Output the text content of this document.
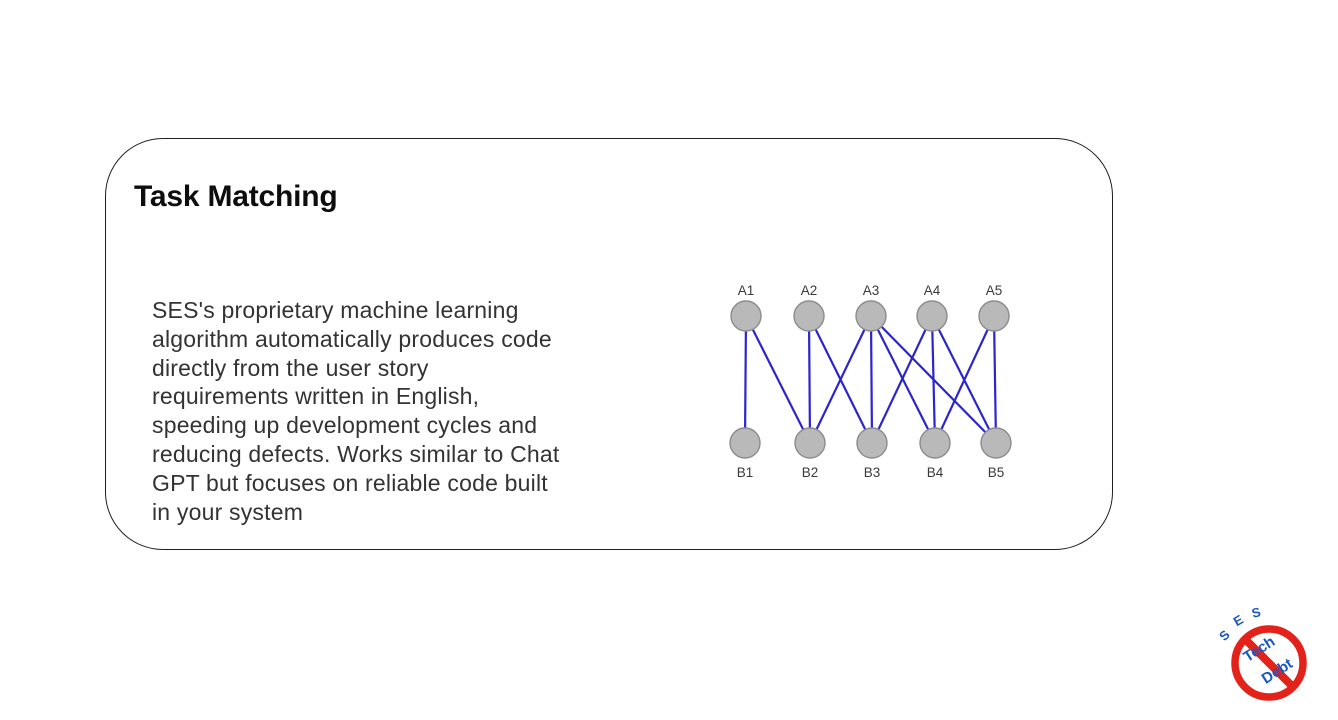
Task Matching
SES's proprietary machine learning
algorithm automatically produces code
directly from the user story
requirements written in English,
speeding up development cycles and
reducing defects. Works similar to Chat
GPT but focuses on reliable code built
in your system
A1	A2	A3	A4	A5
B1	B2	B3	B4	B5
Tech
Debt
S
E S
